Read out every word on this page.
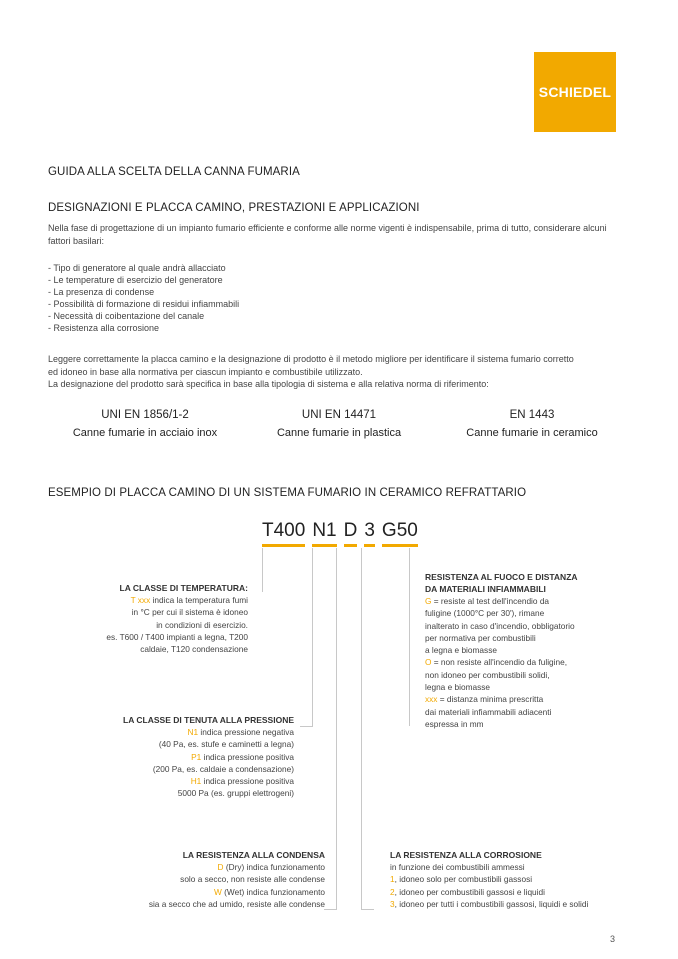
SCHIEDEL
GUIDA ALLA SCELTA DELLA CANNA FUMARIA
DESIGNAZIONI E PLACCA CAMINO, PRESTAZIONI E APPLICAZIONI
Nella fase di progettazione di un impianto fumario efficiente e conforme alle norme vigenti è indispensabile, prima di tutto, considerare alcuni
fattori basilari:
- Tipo di generatore al quale andrà allacciato
- Le temperature di esercizio del generatore
- La presenza di condense
- Possibilità di formazione di residui infiammabili
- Necessità di coibentazione del canale
- Resistenza alla corrosione
Leggere correttamente la placca camino e la designazione di prodotto è il metodo migliore per identificare il sistema fumario corretto
ed idoneo in base alla normativa per ciascun impianto e combustibile utilizzato.
La designazione del prodotto sarà specifica in base alla tipologia di sistema e alla relativa norma di riferimento:
UNI EN 1856/1-2
Canne fumarie in acciaio inox
UNI EN 14471
Canne fumarie in plastica
EN 1443
Canne fumarie in ceramico
ESEMPIO DI PLACCA CAMINO DI UN SISTEMA FUMARIO IN CERAMICO REFRATTARIO
T400 N1 D 3 G50
LA CLASSE DI TEMPERATURA:
T xxx indica la temperatura fumi
in °C per cui il sistema è idoneo
in condizioni di esercizio.
es. T600 / T400 impianti a legna, T200
caldaie, T120 condensazione
LA CLASSE DI TENUTA ALLA PRESSIONE
N1 indica pressione negativa
(40 Pa, es. stufe e caminetti a legna)
P1 indica pressione positiva
(200 Pa, es. caldaie a condensazione)
H1 indica pressione positiva
5000 Pa (es. gruppi elettrogeni)
LA RESISTENZA ALLA CONDENSA
D (Dry) indica funzionamento
solo a secco, non resiste alle condense
W (Wet) indica funzionamento
sia a secco che ad umido, resiste alle condense
LA RESISTENZA ALLA CORROSIONE
in funzione dei combustibili ammessi
1, idoneo solo per combustibili gassosi
2, idoneo per combustibili gassosi e liquidi
3, idoneo per tutti i combustibili gassosi, liquidi e solidi
RESISTENZA AL FUOCO E DISTANZA
DA MATERIALI INFIAMMABILI
G = resiste al test dell'incendio da
fuligine (1000°C per 30'), rimane
inalterato in caso d'incendio, obbligatorio
per normativa per combustibili
a legna e biomasse
O = non resiste all'incendio da fuligine,
non idoneo per combustibili solidi,
legna e biomasse
xxx = distanza minima prescritta
dai materiali infiammabili adiacenti
espressa in mm
3
